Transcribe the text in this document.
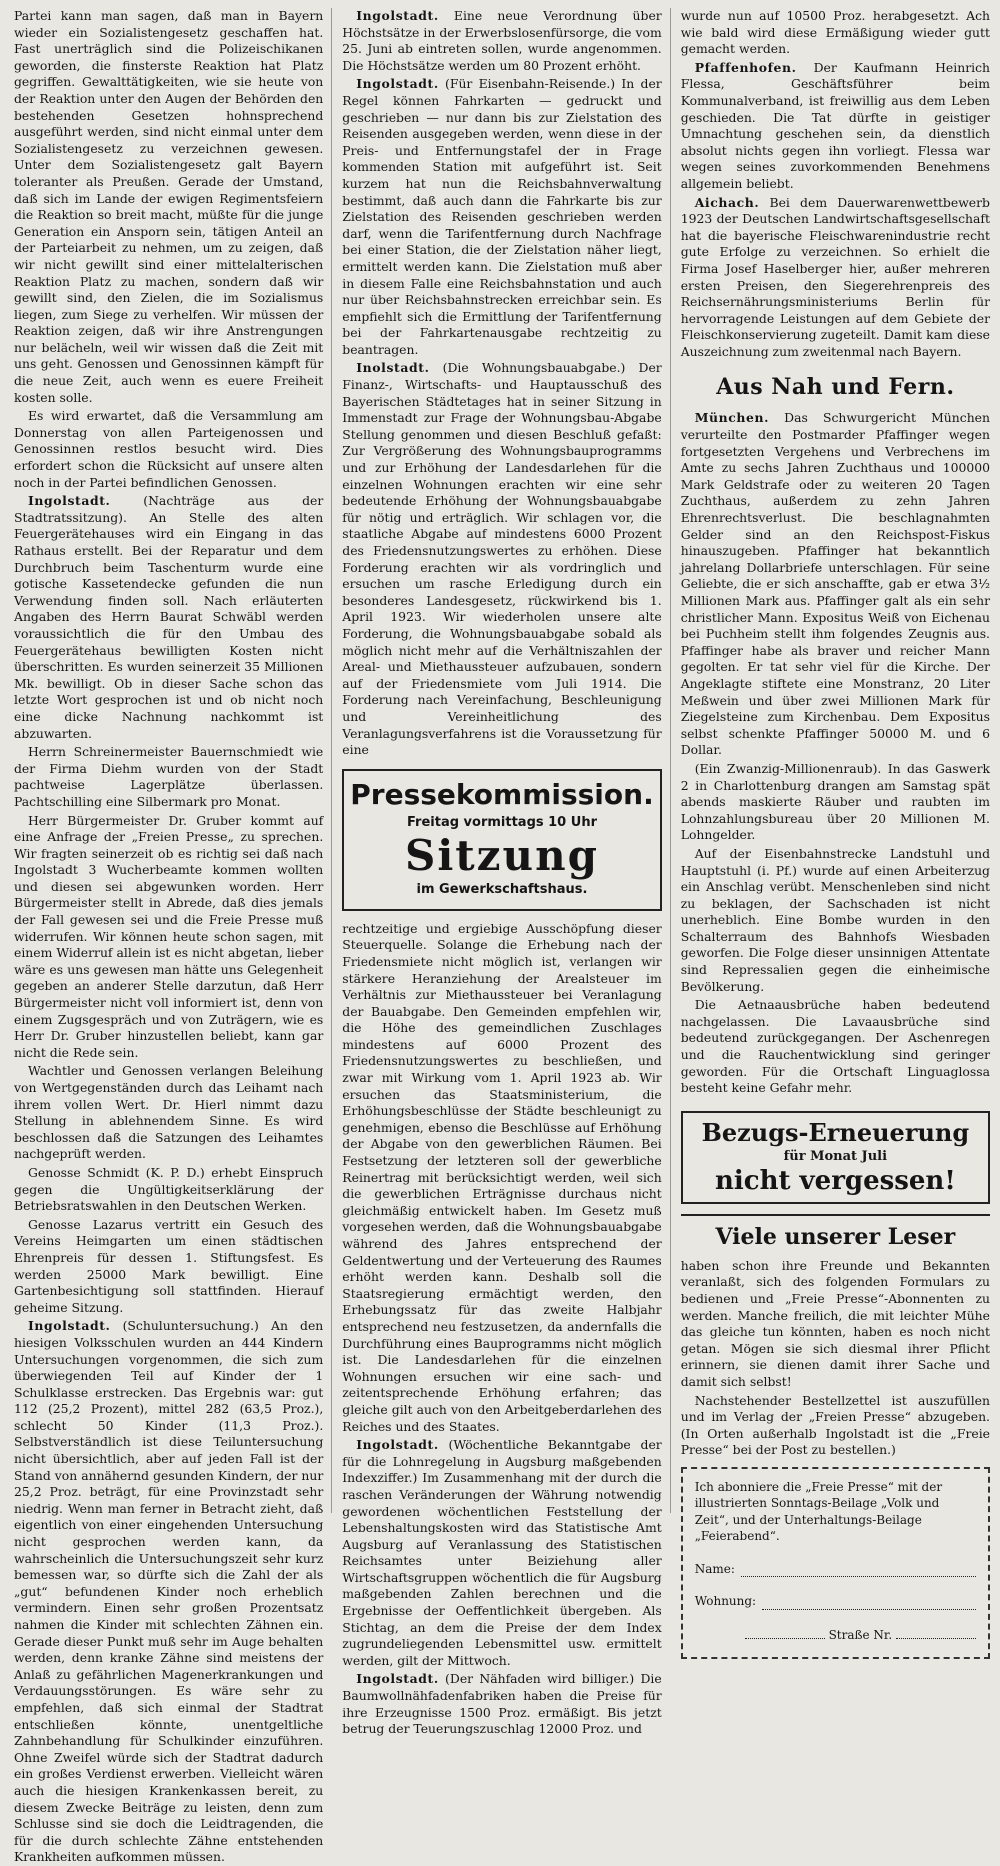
Partei kann man sagen, daß man in Bayern wieder ein Sozialistengesetz geschaffen hat. Fast unerträglich sind die Polizeischikanen geworden, die finsterste Reaktion hat Platz gegriffen. Gewalttätigkeiten, wie sie heute von der Reaktion unter den Augen der Behörden den bestehenden Gesetzen hohnsprechend ausgeführt werden, sind nicht einmal unter dem Sozialistengesetz zu verzeichnen gewesen. Unter dem Sozialistengesetz galt Bayern toleranter als Preußen. Gerade der Umstand, daß sich im Lande der ewigen Regimentsfeiern die Reaktion so breit macht, müßte für die junge Generation ein Ansporn sein, tätigen Anteil an der Parteiarbeit zu nehmen, um zu zeigen, daß wir nicht gewillt sind einer mittelalterischen Reaktion Platz zu machen, sondern daß wir gewillt sind, den Zielen, die im Sozialismus liegen, zum Siege zu verhelfen. Wir müssen der Reaktion zeigen, daß wir ihre Anstrengungen nur belächeln, weil wir wissen daß die Zeit mit uns geht. Genossen und Genossinnen kämpft für die neue Zeit, auch wenn es euere Freiheit kosten solle.

Es wird erwartet, daß die Versammlung am Donnerstag von allen Parteigenossen und Genossinnen restlos besucht wird. Dies erfordert schon die Rücksicht auf unsere alten noch in der Partei befindlichen Genossen.

Ingolstadt. (Nachträge aus der Stadtratssitzung). An Stelle des alten Feuergerätehauses wird ein Eingang in das Rathaus erstellt. Bei der Reparatur und dem Durchbruch beim Taschenturm wurde eine gotische Kassetendecke gefunden die nun Verwendung finden soll. Nach erläuterten Angaben des Herrn Baurat Schwäbl werden voraussichtlich die für den Umbau des Feuergerätehaus bewilligten Kosten nicht überschritten. Es wurden seinerzeit 35 Millionen Mk. bewilligt. Ob in dieser Sache schon das letzte Wort gesprochen ist und ob nicht noch eine dicke Nachnung nachkommt ist abzuwarten.

Herrn Schreinermeister Bauernschmiedt wie der Firma Diehm wurden von der Stadt pachtweise Lagerplätze überlassen. Pachtschilling eine Silbermark pro Monat.

Herr Bürgermeister Dr. Gruber kommt auf eine Anfrage der „Freien Presse„ zu sprechen. Wir fragten seinerzeit ob es richtig sei daß nach Ingolstadt 3 Wucherbeamte kommen wollten und diesen sei abgewunken worden. Herr Bürgermeister stellt in Abrede, daß dies jemals der Fall gewesen sei und die Freie Presse muß widerrufen. Wir können heute schon sagen, mit einem Widerruf allein ist es nicht abgetan, lieber wäre es uns gewesen man hätte uns Gelegenheit gegeben an anderer Stelle darzutun, daß Herr Bürgermeister nicht voll informiert ist, denn von einem Zugsgespräch und von Zuträgern, wie es Herr Dr. Gruber hinzustellen beliebt, kann gar nicht die Rede sein.

Wachtler und Genossen verlangen Beleihung von Wertgegenständen durch das Leihamt nach ihrem vollen Wert. Dr. Hierl nimmt dazu Stellung in ablehnendem Sinne. Es wird beschlossen daß die Satzungen des Leihamtes nachgeprüft werden.

Genosse Schmidt (K. P. D.) erhebt Einspruch gegen die Ungültigkeitserklärung der Betriebsratswahlen in den Deutschen Werken.

Genosse Lazarus vertritt ein Gesuch des Vereins Heimgarten um einen städtischen Ehrenpreis für dessen 1. Stiftungsfest. Es werden 25000 Mark bewilligt. Eine Gartenbesichtigung soll stattfinden. Hierauf geheime Sitzung.

Ingolstadt. (Schuluntersuchung.) An den hiesigen Volksschulen wurden an 444 Kindern Untersuchungen vorgenommen, die sich zum überwiegenden Teil auf Kinder der 1 Schulklasse erstrecken. Das Ergebnis war: gut 112 (25,2 Prozent), mittel 282 (63,5 Proz.), schlecht 50 Kinder (11,3 Proz.). Selbstverständlich ist diese Teiluntersuchung nicht übersichtlich, aber auf jeden Fall ist der Stand von annähernd gesunden Kindern, der nur 25,2 Proz. beträgt, für eine Provinzstadt sehr niedrig. Wenn man ferner in Betracht zieht, daß eigentlich von einer eingehenden Untersuchung nicht gesprochen werden kann, da wahrscheinlich die Untersuchungszeit sehr kurz bemessen war, so dürfte sich die Zahl der als „gut“ befundenen Kinder noch erheblich vermindern. Einen sehr großen Prozentsatz nahmen die Kinder mit schlechten Zähnen ein. Gerade dieser Punkt muß sehr im Auge behalten werden, denn kranke Zähne sind meistens der Anlaß zu gefährlichen Magenerkrankungen und Verdauungsstörungen. Es wäre sehr zu empfehlen, daß sich einmal der Stadtrat entschließen könnte, unentgeltliche Zahnbehandlung für Schulkinder einzuführen. Ohne Zweifel würde sich der Stadtrat dadurch ein großes Verdienst erwerben. Vielleicht wären auch die hiesigen Krankenkassen bereit, zu diesem Zwecke Beiträge zu leisten, denn zum Schlusse sind sie doch die Leidtragenden, die für die durch schlechte Zähne entstehenden Krankheiten aufkommen müssen.

Ingolstadt. Eine neue Verordnung über Höchstsätze in der Erwerbslosenfürsorge, die vom 25. Juni ab eintreten sollen, wurde angenommen. Die Höchstsätze werden um 80 Prozent erhöht.

Ingolstadt. (Für Eisenbahn-Reisende.) In der Regel können Fahrkarten — gedruckt und geschrieben — nur dann bis zur Zielstation des Reisenden ausgegeben werden, wenn diese in der Preis- und Entfernungstafel der in Frage kommenden Station mit aufgeführt ist. Seit kurzem hat nun die Reichsbahnverwaltung bestimmt, daß auch dann die Fahrkarte bis zur Zielstation des Reisenden geschrieben werden darf, wenn die Tarifentfernung durch Nachfrage bei einer Station, die der Zielstation näher liegt, ermittelt werden kann. Die Zielstation muß aber in diesem Falle eine Reichsbahnstation und auch nur über Reichsbahnstrecken erreichbar sein. Es empfiehlt sich die Ermittlung der Tarifentfernung bei der Fahrkartenausgabe rechtzeitig zu beantragen.

Inolstadt. (Die Wohnungsbauabgabe.) Der Finanz-, Wirtschafts- und Hauptausschuß des Bayerischen Städtetages hat in seiner Sitzung in Immenstadt zur Frage der Wohnungsbau-Abgabe Stellung genommen und diesen Beschluß gefaßt: Zur Vergrößerung des Wohnungsbauprogramms und zur Erhöhung der Landesdarlehen für die einzelnen Wohnungen erachten wir eine sehr bedeutende Erhöhung der Wohnungsbauabgabe für nötig und erträglich. Wir schlagen vor, die staatliche Abgabe auf mindestens 6000 Prozent des Friedensnutzungswertes zu erhöhen. Diese Forderung erachten wir als vordringlich und ersuchen um rasche Erledigung durch ein besonderes Landesgesetz, rückwirkend bis 1. April 1923. Wir wiederholen unsere alte Forderung, die Wohnungsbauabgabe sobald als möglich nicht mehr auf die Verhältniszahlen der Areal- und Miethaussteuer aufzubauen, sondern auf der Friedensmiete vom Juli 1914. Die Forderung nach Vereinfachung, Beschleunigung und Vereinheitlichung des Veranlagungsverfahrens ist die Voraussetzung für eine

Pressekommission.
Freitag vormittags 10 Uhr
Sitzung
im Gewerkschaftshaus.

rechtzeitige und ergiebige Ausschöpfung dieser Steuerquelle. Solange die Erhebung nach der Friedensmiete nicht möglich ist, verlangen wir stärkere Heranziehung der Arealsteuer im Verhältnis zur Miethaussteuer bei Veranlagung der Bauabgabe. Den Gemeinden empfehlen wir, die Höhe des gemeindlichen Zuschlages mindestens auf 6000 Prozent des Friedensnutzungswertes zu beschließen, und zwar mit Wirkung vom 1. April 1923 ab. Wir ersuchen das Staatsministerium, die Erhöhungsbeschlüsse der Städte beschleunigt zu genehmigen, ebenso die Beschlüsse auf Erhöhung der Abgabe von den gewerblichen Räumen. Bei Festsetzung der letzteren soll der gewerbliche Reinertrag mit berücksichtigt werden, weil sich die gewerblichen Erträgnisse durchaus nicht gleichmäßig entwickelt haben. Im Gesetz muß vorgesehen werden, daß die Wohnungsbauabgabe während des Jahres entsprechend der Geldentwertung und der Verteuerung des Raumes erhöht werden kann. Deshalb soll die Staatsregierung ermächtigt werden, den Erhebungssatz für das zweite Halbjahr entsprechend neu festzusetzen, da andernfalls die Durchführung eines Bauprogramms nicht möglich ist. Die Landesdarlehen für die einzelnen Wohnungen ersuchen wir eine sach- und zeitentsprechende Erhöhung erfahren; das gleiche gilt auch von den Arbeitgeberdarlehen des Reiches und des Staates.

Ingolstadt. (Wöchentliche Bekanntgabe der für die Lohnregelung in Augsburg maßgebenden Indexziffer.) Im Zusammenhang mit der durch die raschen Veränderungen der Währung notwendig gewordenen wöchentlichen Feststellung der Lebenshaltungskosten wird das Statistische Amt Augsburg auf Veranlassung des Statistischen Reichsamtes unter Beiziehung aller Wirtschaftsgruppen wöchentlich die für Augsburg maßgebenden Zahlen berechnen und die Ergebnisse der Oeffentlichkeit übergeben. Als Stichtag, an dem die Preise der dem Index zugrundeliegenden Lebensmittel usw. ermittelt werden, gilt der Mittwoch.

Ingolstadt. (Der Nähfaden wird billiger.) Die Baumwollnähfadenfabriken haben die Preise für ihre Erzeugnisse 1500 Proz. ermäßigt. Bis jetzt betrug der Teuerungszuschlag 12000 Proz. und

wurde nun auf 10500 Proz. herabgesetzt. Ach wie bald wird diese Ermäßigung wieder gutt gemacht werden.

Pfaffenhofen. Der Kaufmann Heinrich Flessa, Geschäftsführer beim Kommunalverband, ist freiwillig aus dem Leben geschieden. Die Tat dürfte in geistiger Umnachtung geschehen sein, da dienstlich absolut nichts gegen ihn vorliegt. Flessa war wegen seines zuvorkommenden Benehmens allgemein beliebt.

Aichach. Bei dem Dauerwarenwettbewerb 1923 der Deutschen Landwirtschaftsgesellschaft hat die bayerische Fleischwarenindustrie recht gute Erfolge zu verzeichnen. So erhielt die Firma Josef Haselberger hier, außer mehreren ersten Preisen, den Siegerehrenpreis des Reichsernährungsministeriums Berlin für hervorragende Leistungen auf dem Gebiete der Fleischkonservierung zugeteilt. Damit kam diese Auszeichnung zum zweitenmal nach Bayern.

Aus Nah und Fern.

München. Das Schwurgericht München verurteilte den Postmarder Pfaffinger wegen fortgesetzten Vergehens und Verbrechens im Amte zu sechs Jahren Zuchthaus und 100000 Mark Geldstrafe oder zu weiteren 20 Tagen Zuchthaus, außerdem zu zehn Jahren Ehrenrechtsverlust. Die beschlagnahmten Gelder sind an den Reichspost-Fiskus hinauszugeben. Pfaffinger hat bekanntlich jahrelang Dollarbriefe unterschlagen. Für seine Geliebte, die er sich anschaffte, gab er etwa 3½ Millionen Mark aus. Pfaffinger galt als ein sehr christlicher Mann. Expositus Weiß von Eichenau bei Puchheim stellt ihm folgendes Zeugnis aus. Pfaffinger habe als braver und reicher Mann gegolten. Er tat sehr viel für die Kirche. Der Angeklagte stiftete eine Monstranz, 20 Liter Meßwein und über zwei Millionen Mark für Ziegelsteine zum Kirchenbau. Dem Expositus selbst schenkte Pfaffinger 50000 M. und 6 Dollar.

(Ein Zwanzig-Millionenraub). In das Gaswerk 2 in Charlottenburg drangen am Samstag spät abends maskierte Räuber und raubten im Lohnzahlungsbureau über 20 Millionen M. Lohngelder.

Auf der Eisenbahnstrecke Landstuhl und Hauptstuhl (i. Pf.) wurde auf einen Arbeiterzug ein Anschlag verübt. Menschenleben sind nicht zu beklagen, der Sachschaden ist nicht unerheblich. Eine Bombe wurden in den Schalterraum des Bahnhofs Wiesbaden geworfen. Die Folge dieser unsinnigen Attentate sind Repressalien gegen die einheimische Bevölkerung.

Die Aetnaausbrüche haben bedeutend nachgelassen. Die Lavaausbrüche sind bedeutend zurückgegangen. Der Aschenregen und die Rauchentwicklung sind geringer geworden. Für die Ortschaft Linguaglossa besteht keine Gefahr mehr.

Bezugs-Erneuerung
für Monat Juli
nicht vergessen!
Viele unserer Leser

haben schon ihre Freunde und Bekannten veranlaßt, sich des folgenden Formulars zu bedienen und „Freie Presse“-Abonnenten zu werden. Manche freilich, die mit leichter Mühe das gleiche tun könnten, haben es noch nicht getan. Mögen sie sich diesmal ihrer Pflicht erinnern, sie dienen damit ihrer Sache und damit sich selbst!

Nachstehender Bestellzettel ist auszufüllen und im Verlag der „Freien Presse“ abzugeben. (In Orten außerhalb Ingolstadt ist die „Freie Presse“ bei der Post zu bestellen.)

Ich abonniere die „Freie Presse“ mit der illustrierten Sonntags-Beilage „Volk und Zeit“, und der Unterhaltungs-Beilage „Feierabend“.
Name:
Wohnung:
Straße Nr.
